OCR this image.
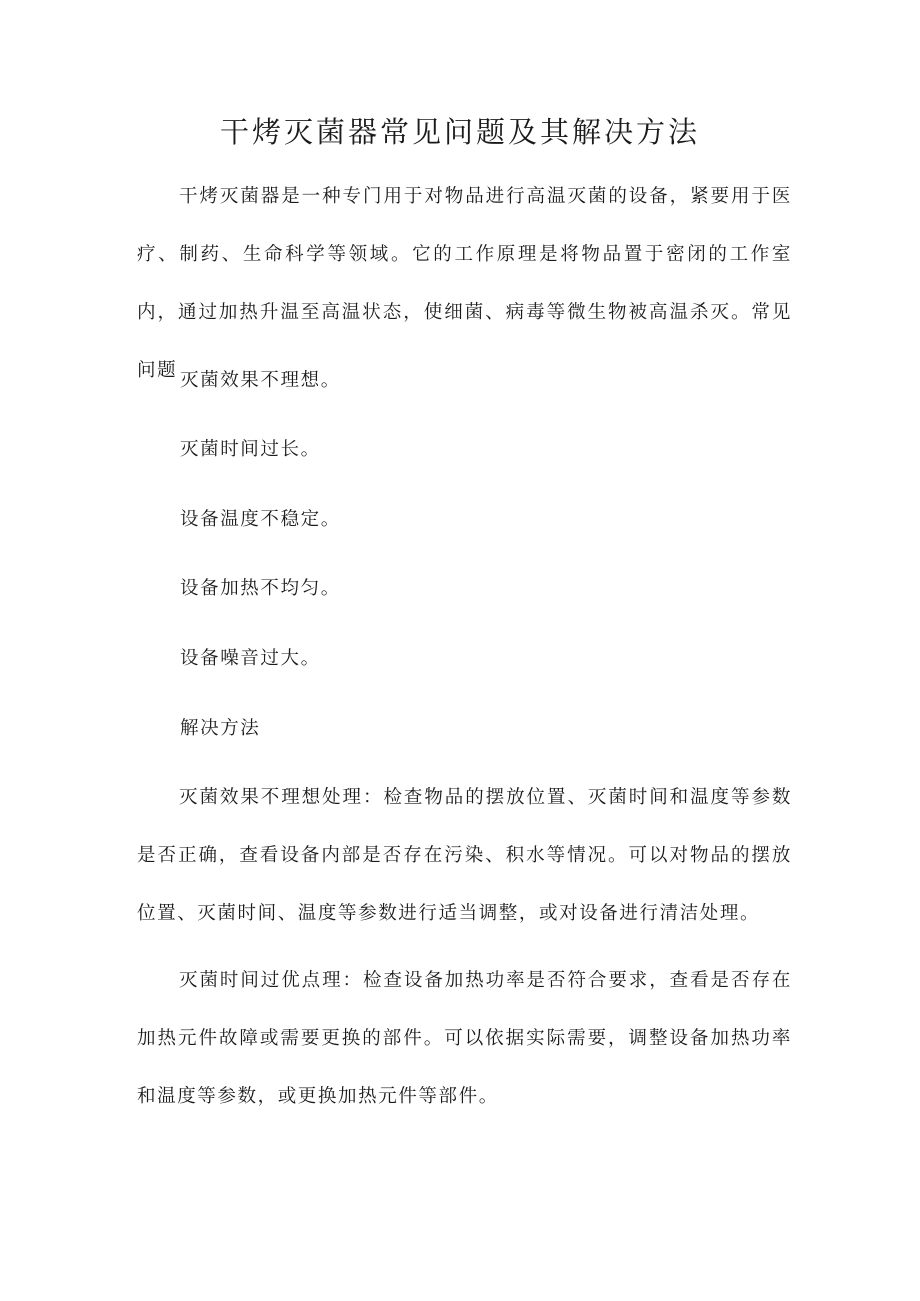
干烤灭菌器常见问题及其解决方法

干烤灭菌器是一种专门用于对物品进行高温灭菌的设备，紧要用于医疗、制药、生命科学等领域。它的工作原理是将物品置于密闭的工作室内，通过加热升温至高温状态，使细菌、病毒等微生物被高温杀灭。常见问题 灭菌效果不理想。

灭菌时间过长。

设备温度不稳定。

设备加热不均匀。

设备噪音过大。

解决方法

灭菌效果不理想处理：检查物品的摆放位置、灭菌时间和温度等参数是否正确，查看设备内部是否存在污染、积水等情况。可以对物品的摆放位置、灭菌时间、温度等参数进行适当调整，或对设备进行清洁处理。

灭菌时间过优点理：检查设备加热功率是否符合要求，查看是否存在加热元件故障或需要更换的部件。可以依据实际需要，调整设备加热功率和温度等参数，或更换加热元件等部件。
